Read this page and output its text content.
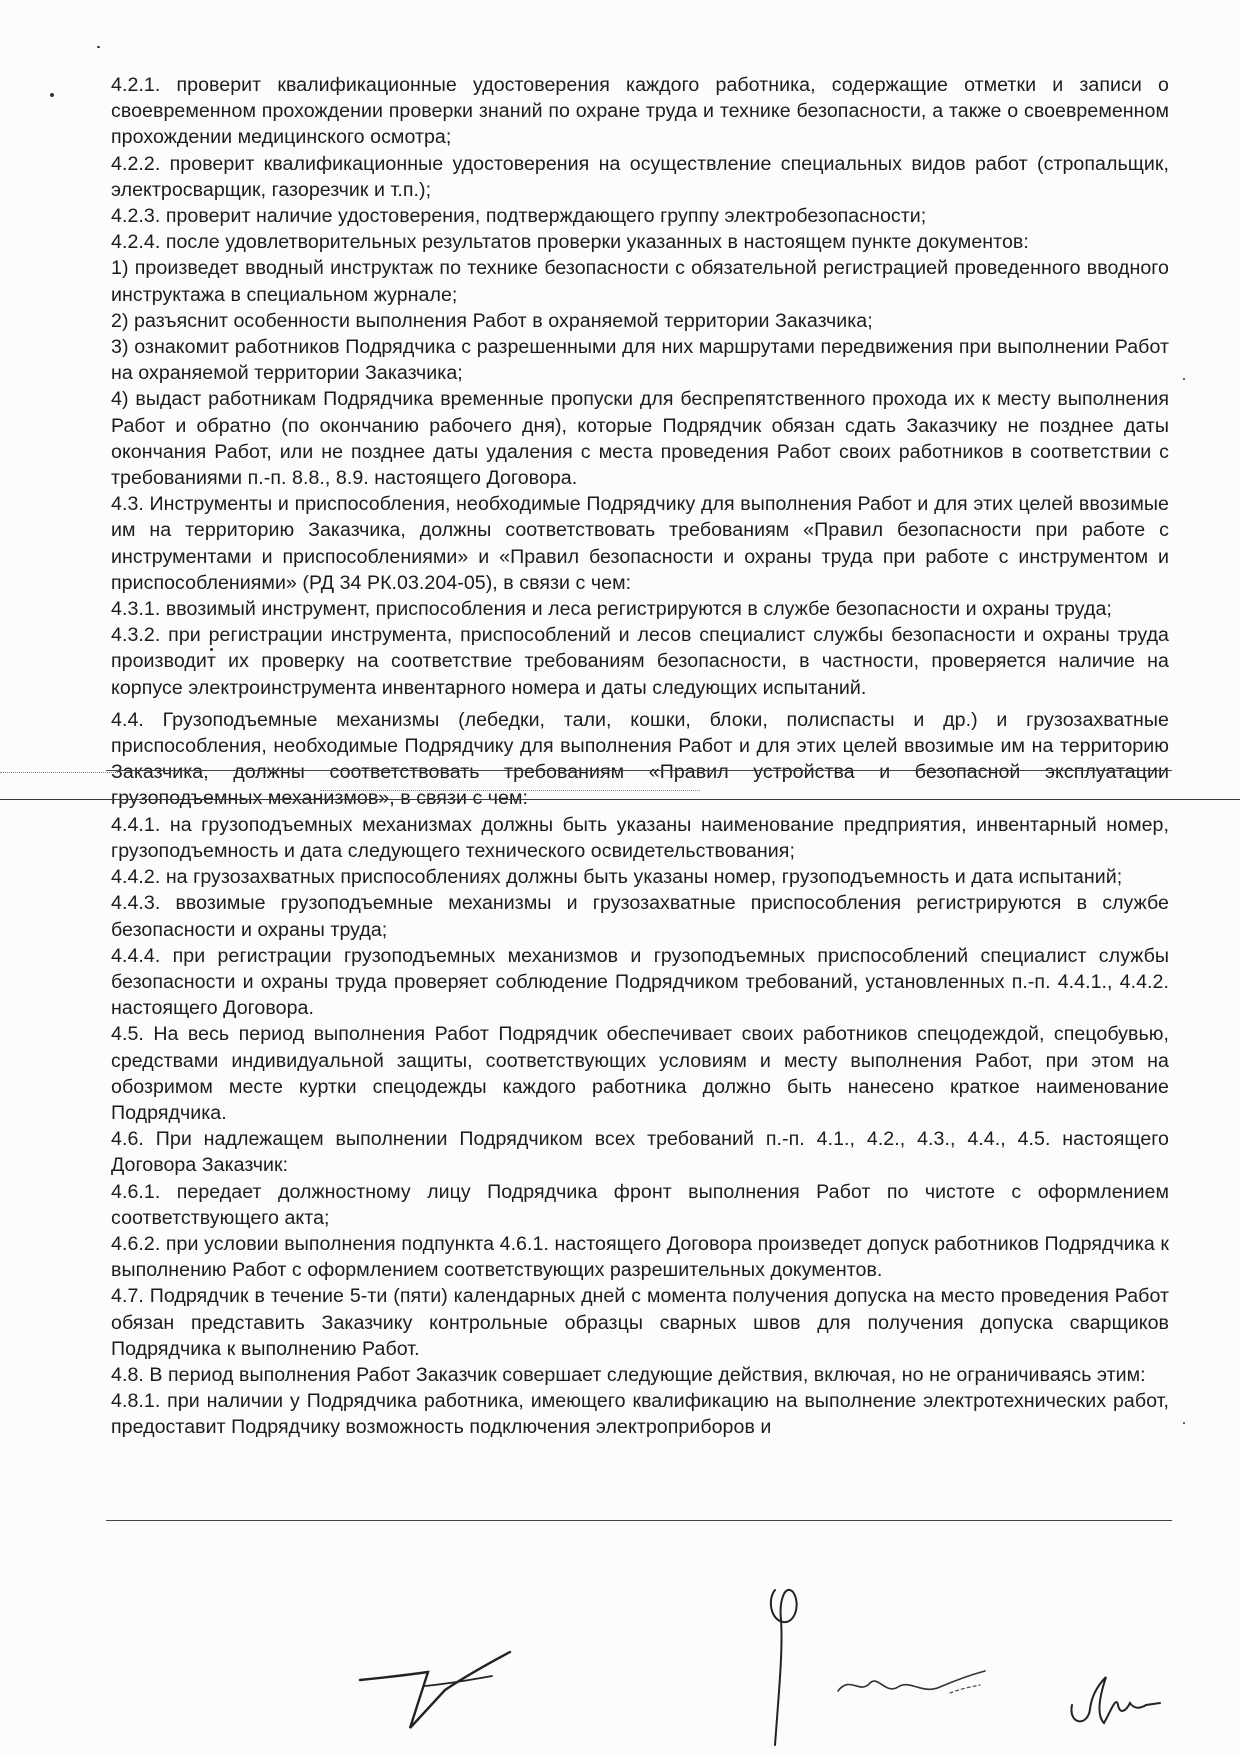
4.2.1. проверит квалификационные удостоверения каждого работника, содержащие отметки и записи о своевременном прохождении проверки знаний по охране труда и технике безопасности, а также о своевременном прохождении медицинского осмотра;

4.2.2. проверит квалификационные удостоверения на осуществление специальных видов работ (стропальщик, электросварщик, газорезчик и т.п.);

4.2.3. проверит наличие удостоверения, подтверждающего группу электробезопасности;

4.2.4. после удовлетворительных результатов проверки указанных в настоящем пункте документов:

1) произведет вводный инструктаж по технике безопасности с обязательной регистрацией проведенного вводного инструктажа в специальном журнале;

2) разъяснит особенности выполнения Работ в охраняемой территории Заказчика;

3) ознакомит работников Подрядчика с разрешенными для них маршрутами передвижения при выполнении Работ на охраняемой территории Заказчика;

4) выдаст работникам Подрядчика временные пропуски для беспрепятственного прохода их к месту выполнения Работ и обратно (по окончанию рабочего дня), которые Подрядчик обязан сдать Заказчику не позднее даты окончания Работ, или не позднее даты удаления с места проведения Работ своих работников в соответствии с требованиями п.-п. 8.8., 8.9. настоящего Договора.

4.3. Инструменты и приспособления, необходимые Подрядчику для выполнения Работ и для этих целей ввозимые им на территорию Заказчика, должны соответствовать требованиям «Правил безопасности при работе с инструментами и приспособлениями» и «Правил безопасности и охраны труда при работе с инструментом и приспособлениями» (РД 34 РК.03.204-05), в связи с чем:

4.3.1. ввозимый инструмент, приспособления и леса регистрируются в службе безопасности и охраны труда;

4.3.2. при регистрации инструмента, приспособлений и лесов специалист службы безопасности и охраны труда производит их проверку на соответствие требованиям безопасности, в частности, проверяется наличие на корпусе электроинструмента инвентарного номера и даты следующих испытаний.

4.4. Грузоподъемные механизмы (лебедки, тали, кошки, блоки, полиспасты и др.) и грузозахватные приспособления, необходимые Подрядчику для выполнения Работ и для этих целей ввозимые им на территорию Заказчика, должны соответствовать требованиям «Правил устройства и безопасной эксплуатации грузоподъемных механизмов», в связи с чем:

4.4.1. на грузоподъемных механизмах должны быть указаны наименование предприятия, инвентарный номер, грузоподъемность и дата следующего технического освидетельствования;

4.4.2. на грузозахватных приспособлениях должны быть указаны номер, грузоподъемность и дата испытаний;

4.4.3. ввозимые грузоподъемные механизмы и грузозахватные приспособления регистрируются в службе безопасности и охраны труда;

4.4.4. при регистрации грузоподъемных механизмов и грузоподъемных приспособлений специалист службы безопасности и охраны труда проверяет соблюдение Подрядчиком требований, установленных п.-п. 4.4.1., 4.4.2. настоящего Договора.

4.5. На весь период выполнения Работ Подрядчик обеспечивает своих работников спецодеждой, спецобувью, средствами индивидуальной защиты, соответствующих условиям и месту выполнения Работ, при этом на обозримом месте куртки спецодежды каждого работника должно быть нанесено краткое наименование Подрядчика.

4.6. При надлежащем выполнении Подрядчиком всех требований п.-п. 4.1., 4.2., 4.3., 4.4., 4.5. настоящего Договора Заказчик:

4.6.1. передает должностному лицу Подрядчика фронт выполнения Работ по чистоте с оформлением соответствующего акта;

4.6.2. при условии выполнения подпункта 4.6.1. настоящего Договора произведет допуск работников Подрядчика к выполнению Работ с оформлением соответствующих разрешительных документов.

4.7. Подрядчик в течение 5-ти (пяти) календарных дней с момента получения допуска на место проведения Работ обязан представить Заказчику контрольные образцы сварных швов для получения допуска сварщиков Подрядчика к выполнению Работ.

4.8. В период выполнения Работ Заказчик совершает следующие действия, включая, но не ограничиваясь этим:

4.8.1. при наличии у Подрядчика работника, имеющего квалификацию на выполнение электротехнических работ, предоставит Подрядчику возможность подключения электроприборов и
